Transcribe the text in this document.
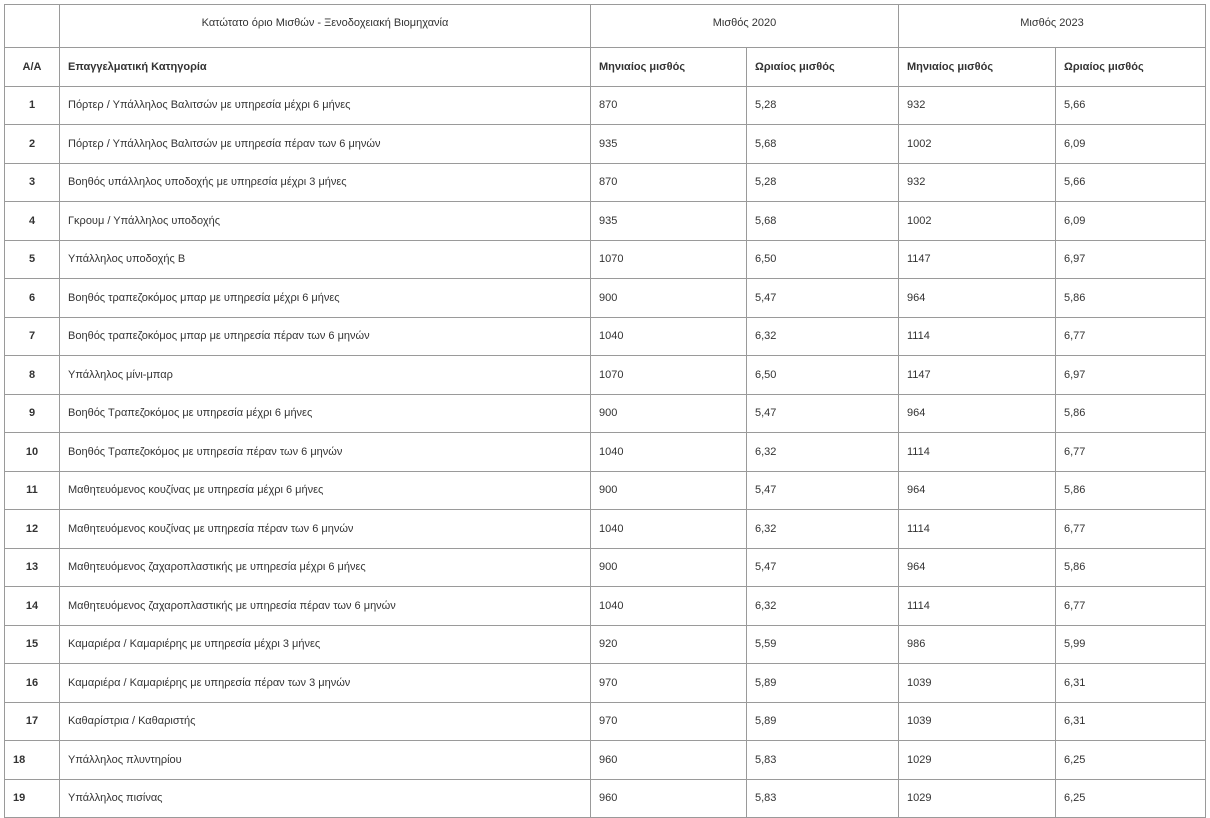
	Κατώτατο όριο Μισθών - Ξενοδοχειακή Βιομηχανία	Μισθός 2020		Μισθός 2023	
Α/Α	Επαγγελματική Κατηγορία	Μηνιαίος μισθός	Ωριαίος μισθός	Μηνιαίος μισθός	Ωριαίος μισθός
1	Πόρτερ / Υπάλληλος Βαλιτσών με υπηρεσία μέχρι 6 μήνες	870	5,28	932	5,66
2	Πόρτερ / Υπάλληλος Βαλιτσών με υπηρεσία πέραν των 6 μηνών	935	5,68	1002	6,09
3	Βοηθός υπάλληλος υποδοχής με υπηρεσία μέχρι 3 μήνες	870	5,28	932	5,66
4	Γκρουμ / Υπάλληλος υποδοχής	935	5,68	1002	6,09
5	Υπάλληλος υποδοχής Β	1070	6,50	1147	6,97
6	Βοηθός τραπεζοκόμος μπαρ με υπηρεσία μέχρι 6 μήνες	900	5,47	964	5,86
7	Βοηθός τραπεζοκόμος μπαρ με υπηρεσία πέραν των 6 μηνών	1040	6,32	1114	6,77
8	Υπάλληλος μίνι-μπαρ	1070	6,50	1147	6,97
9	Βοηθός Τραπεζοκόμος με υπηρεσία μέχρι 6 μήνες	900	5,47	964	5,86
10	Βοηθός Τραπεζοκόμος με υπηρεσία πέραν των 6 μηνών	1040	6,32	1114	6,77
11	Μαθητευόμενος κουζίνας με υπηρεσία μέχρι 6 μήνες	900	5,47	964	5,86
12	Μαθητευόμενος κουζίνας με υπηρεσία πέραν των 6 μηνών	1040	6,32	1114	6,77
13	Μαθητευόμενος ζαχαροπλαστικής με υπηρεσία μέχρι 6 μήνες	900	5,47	964	5,86
14	Μαθητευόμενος ζαχαροπλαστικής με υπηρεσία πέραν των 6 μηνών	1040	6,32	1114	6,77
15	Καμαριέρα / Καμαριέρης με υπηρεσία μέχρι 3 μήνες	920	5,59	986	5,99
16	Καμαριέρα / Καμαριέρης με υπηρεσία πέραν των 3 μηνών	970	5,89	1039	6,31
17	Καθαρίστρια / Καθαριστής	970	5,89	1039	6,31
18	Υπάλληλος πλυντηρίου	960	5,83	1029	6,25
19	Υπάλληλος πισίνας	960	5,83	1029	6,25
